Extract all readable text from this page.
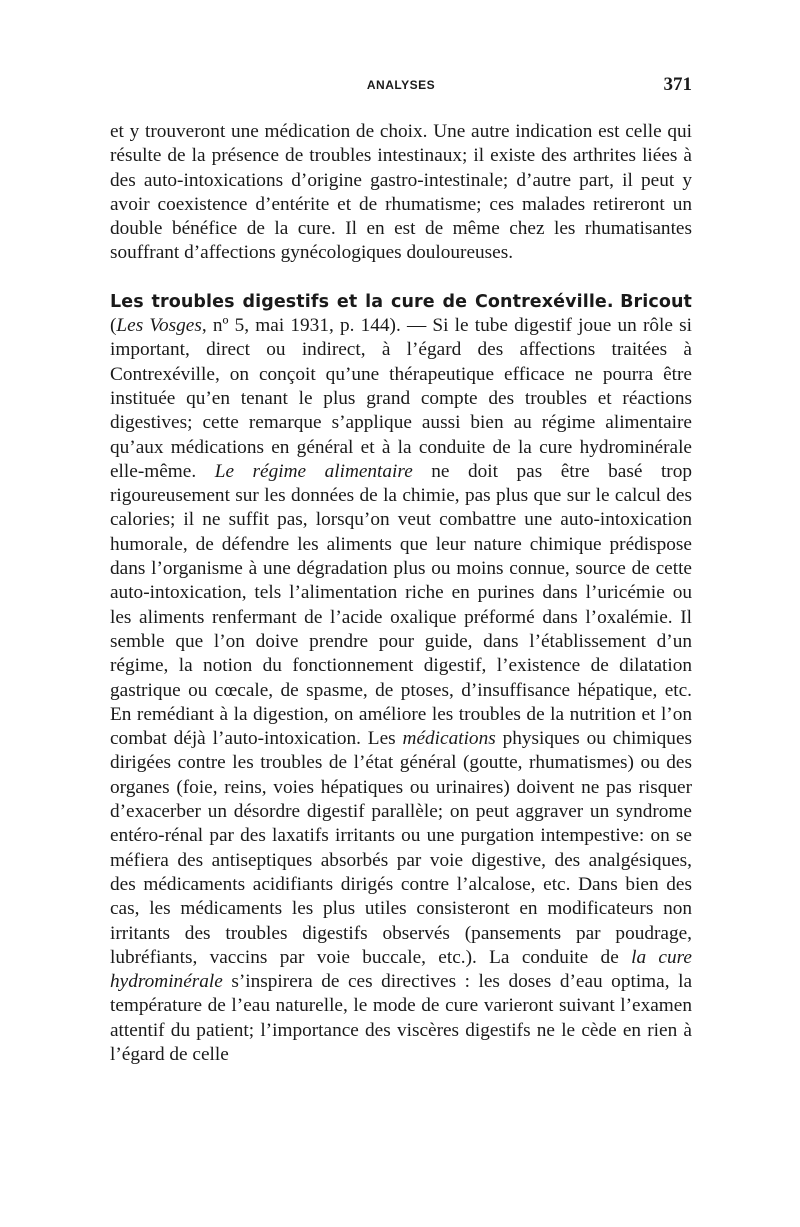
ANALYSES	371

et y trouveront une médication de choix. Une autre indication est celle qui résulte de la présence de troubles intestinaux; il existe des arthrites liées à des auto-intoxications d’origine gastro-intestinale; d’autre part, il peut y avoir coexistence d’entérite et de rhumatisme; ces malades retireront un double bénéfice de la cure. Il en est de même chez les rhumatisantes souffrant d’affections gynécologiques douloureuses.

Les troubles digestifs et la cure de Contrexéville. Bricout (Les Vosges, nº 5, mai 1931, p. 144). — Si le tube digestif joue un rôle si important, direct ou indirect, à l’égard des affections traitées à Contrexéville, on conçoit qu’une thérapeutique efficace ne pourra être instituée qu’en tenant le plus grand compte des troubles et réactions digestives; cette remarque s’applique aussi bien au régime alimentaire qu’aux médications en général et à la conduite de la cure hydrominérale elle-même. Le régime alimentaire ne doit pas être basé trop rigoureusement sur les données de la chimie, pas plus que sur le calcul des calories; il ne suffit pas, lorsqu’on veut combattre une auto-intoxication humorale, de défendre les aliments que leur nature chimique prédispose dans l’organisme à une dégradation plus ou moins connue, source de cette auto-intoxication, tels l’alimentation riche en purines dans l’uricémie ou les aliments renfermant de l’acide oxalique préformé dans l’oxalémie. Il semble que l’on doive prendre pour guide, dans l’établissement d’un régime, la notion du fonctionnement digestif, l’existence de dilatation gastrique ou cœcale, de spasme, de ptoses, d’insuffisance hépatique, etc. En remédiant à la digestion, on améliore les troubles de la nutrition et l’on combat déjà l’auto-intoxication. Les médications physiques ou chimiques dirigées contre les troubles de l’état général (goutte, rhumatismes) ou des organes (foie, reins, voies hépatiques ou urinaires) doivent ne pas risquer d’exacerber un désordre digestif parallèle; on peut aggraver un syndrome entéro-rénal par des laxatifs irritants ou une purgation intempestive: on se méfiera des antiseptiques absorbés par voie digestive, des analgésiques, des médicaments acidifiants dirigés contre l’alcalose, etc. Dans bien des cas, les médicaments les plus utiles consisteront en modificateurs non irritants des troubles digestifs observés (pansements par poudrage, lubréfiants, vaccins par voie buccale, etc.). La conduite de la cure hydrominérale s’inspirera de ces directives : les doses d’eau optima, la température de l’eau naturelle, le mode de cure varieront suivant l’examen attentif du patient; l’importance des viscères digestifs ne le cède en rien à l’égard de celle
